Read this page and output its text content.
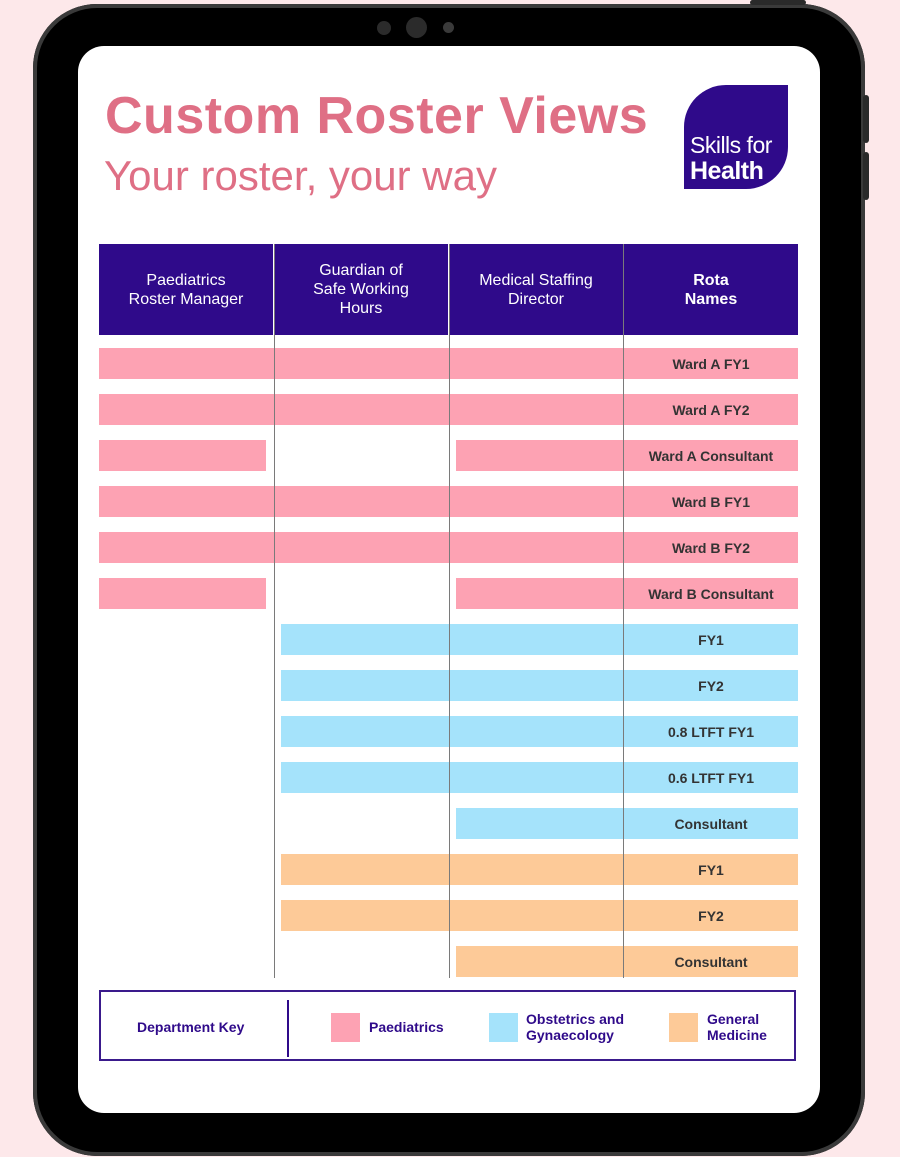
Custom Roster Views
Your roster, your way
Skills for
Health
Paediatrics
Roster Manager
Guardian of
Safe Working
Hours
Medical Staffing
Director
Rota
Names
Ward A FY1
Ward A FY2
Ward A Consultant
Ward B FY1
Ward B FY2
Ward B Consultant
FY1
FY2
0.8 LTFT FY1
0.6 LTFT FY1
Consultant
FY1
FY2
Consultant
Department Key	Paediatrics	Obstetrics and
Gynaecology
General
Medicine
